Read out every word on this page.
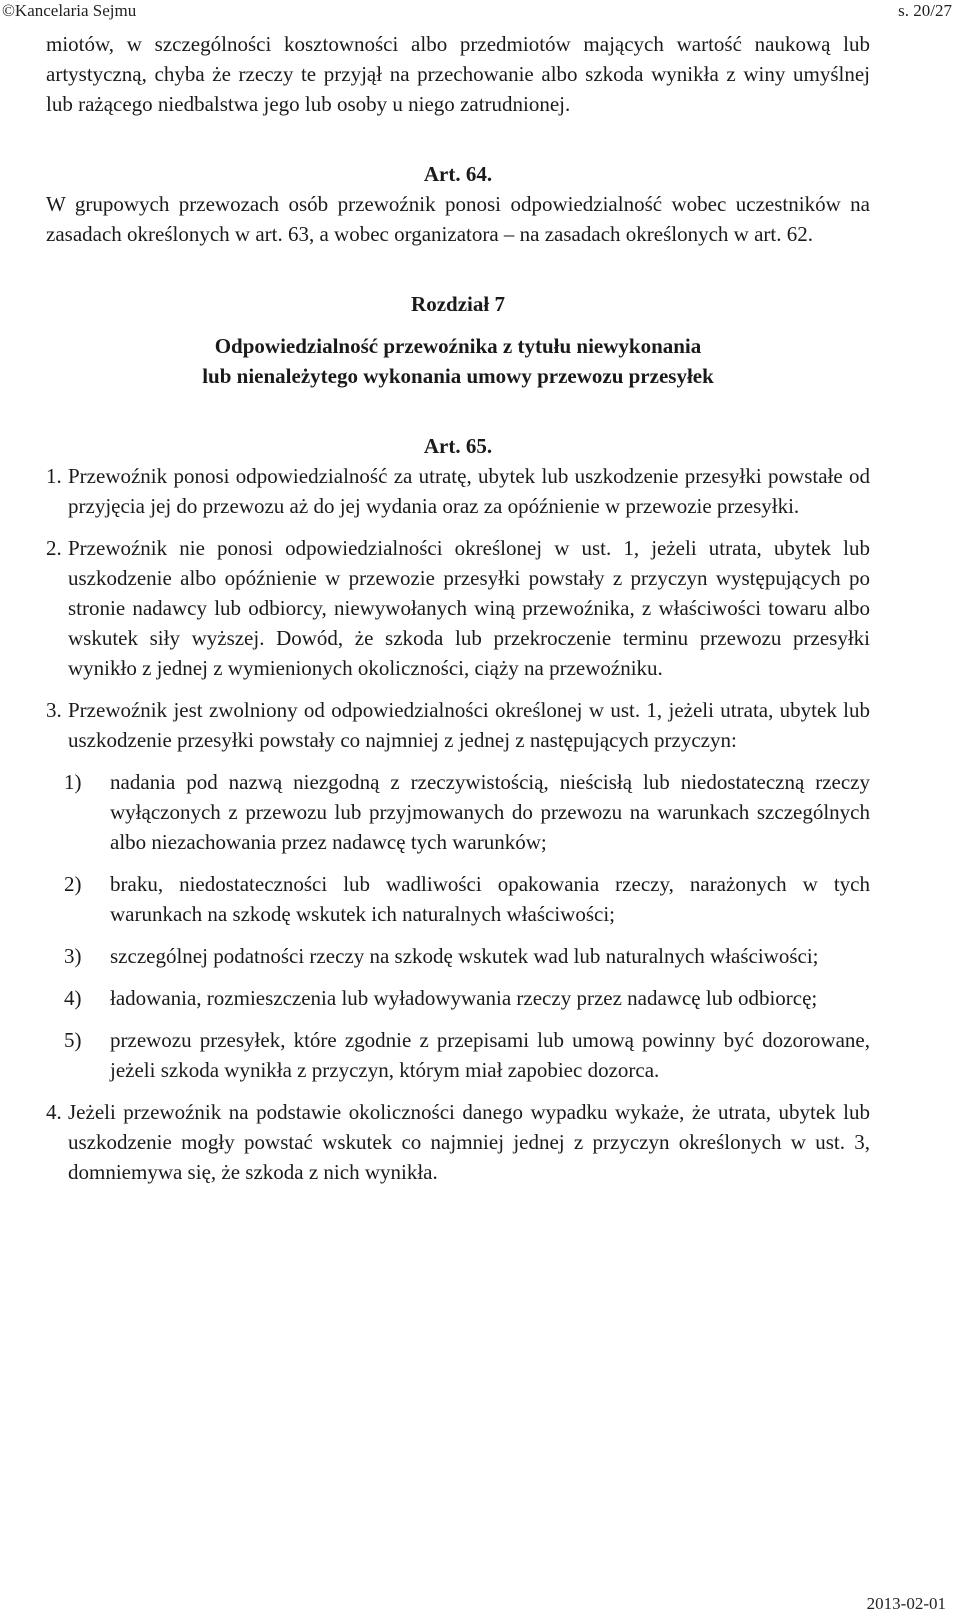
©Kancelaria Sejmu	s. 20/27

miotów, w szczególności kosztowności albo przedmiotów mających wartość naukową lub artystyczną, chyba że rzeczy te przyjął na przechowanie albo szkoda wynikła z winy umyślnej lub rażącego niedbalstwa jego lub osoby u niego zatrudnionej.

Art. 64.

W grupowych przewozach osób przewoźnik ponosi odpowiedzialność wobec uczestników na zasadach określonych w art. 63, a wobec organizatora – na zasadach określonych w art. 62.

Rozdział 7

Odpowiedzialność przewoźnika z tytułu niewykonania

lub nienależytego wykonania umowy przewozu przesyłek

Art. 65.

1. Przewoźnik ponosi odpowiedzialność za utratę, ubytek lub uszkodzenie przesyłki powstałe od przyjęcia jej do przewozu aż do jej wydania oraz za opóźnienie w przewozie przesyłki.
2. Przewoźnik nie ponosi odpowiedzialności określonej w ust. 1, jeżeli utrata, ubytek lub uszkodzenie albo opóźnienie w przewozie przesyłki powstały z przyczyn występujących po stronie nadawcy lub odbiorcy, niewywołanych winą przewoźnika, z właściwości towaru albo wskutek siły wyższej. Dowód, że szkoda lub przekroczenie terminu przewozu przesyłki wynikło z jednej z wymienionych okoliczności, ciąży na przewoźniku.
3. Przewoźnik jest zwolniony od odpowiedzialności określonej w ust. 1, jeżeli utrata, ubytek lub uszkodzenie przesyłki powstały co najmniej z jednej z następujących przyczyn:
1)	nadania pod nazwą niezgodną z rzeczywistością, nieścisłą lub niedostateczną rzeczy wyłączonych z przewozu lub przyjmowanych do przewozu na warunkach szczególnych albo niezachowania przez nadawcę tych warunków;
2)	braku, niedostateczności lub wadliwości opakowania rzeczy, narażonych w tych warunkach na szkodę wskutek ich naturalnych właściwości;
3)	szczególnej podatności rzeczy na szkodę wskutek wad lub naturalnych właściwości;
4)	ładowania, rozmieszczenia lub wyładowywania rzeczy przez nadawcę lub odbiorcę;
5)	przewozu przesyłek, które zgodnie z przepisami lub umową powinny być dozorowane, jeżeli szkoda wynikła z przyczyn, którym miał zapobiec dozorca.
4. Jeżeli przewoźnik na podstawie okoliczności danego wypadku wykaże, że utrata, ubytek lub uszkodzenie mogły powstać wskutek co najmniej jednej z przyczyn określonych w ust. 3, domniemywa się, że szkoda z nich wynikła.
2013-02-01
